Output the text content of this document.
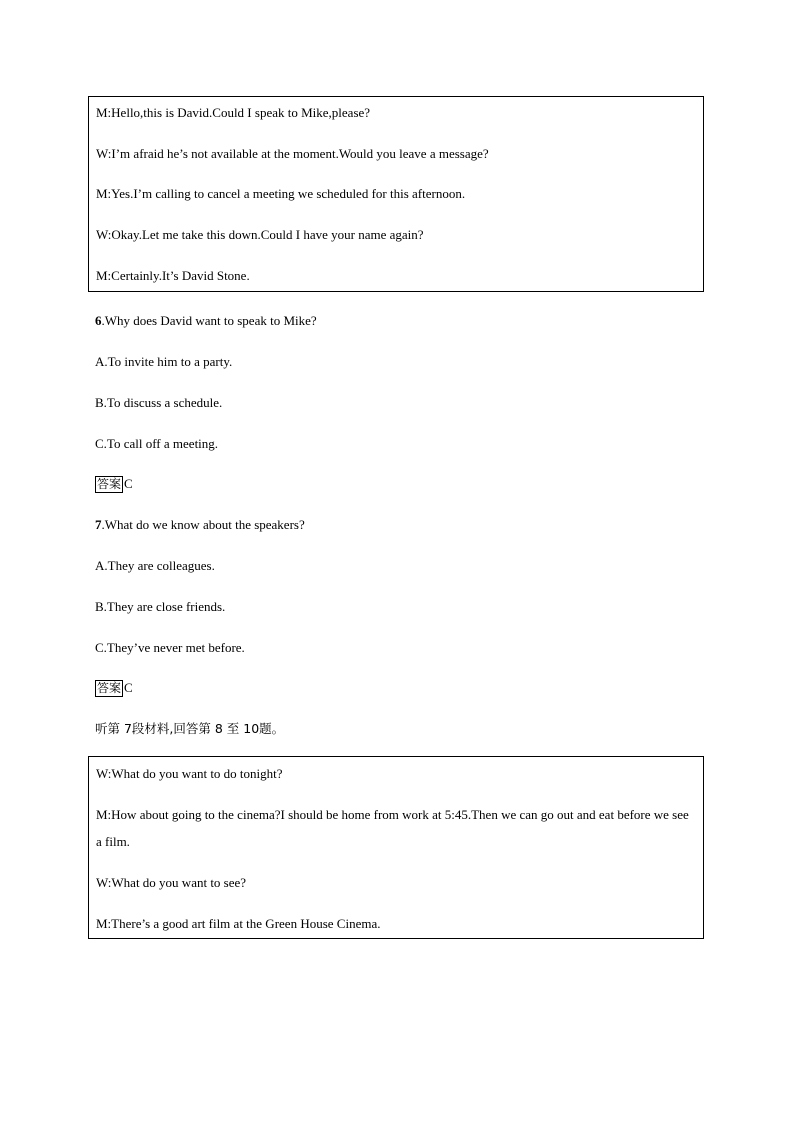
M:Hello,this is David.Could I speak to Mike,please?
W:I’m afraid he’s not available at the moment.Would you leave a message?
M:Yes.I’m calling to cancel a meeting we scheduled for this afternoon.
W:Okay.Let me take this down.Could I have your name again?
M:Certainly.It’s David Stone.
6.Why does David want to speak to Mike?
A.To invite him to a party.
B.To discuss a schedule.
C.To call off a meeting.
答案 C
7.What do we know about the speakers?
A.They are colleagues.
B.They are close friends.
C.They’ve never met before.
答案 C
听第 7段材料,回答第 8 至 10题。
W:What do you want to do tonight?
M:How about going to the cinema?I should be home from work at 5:45.Then we can go out and eat before we see a film.
W:What do you want to see?
M:There’s a good art film at the Green House Cinema.
